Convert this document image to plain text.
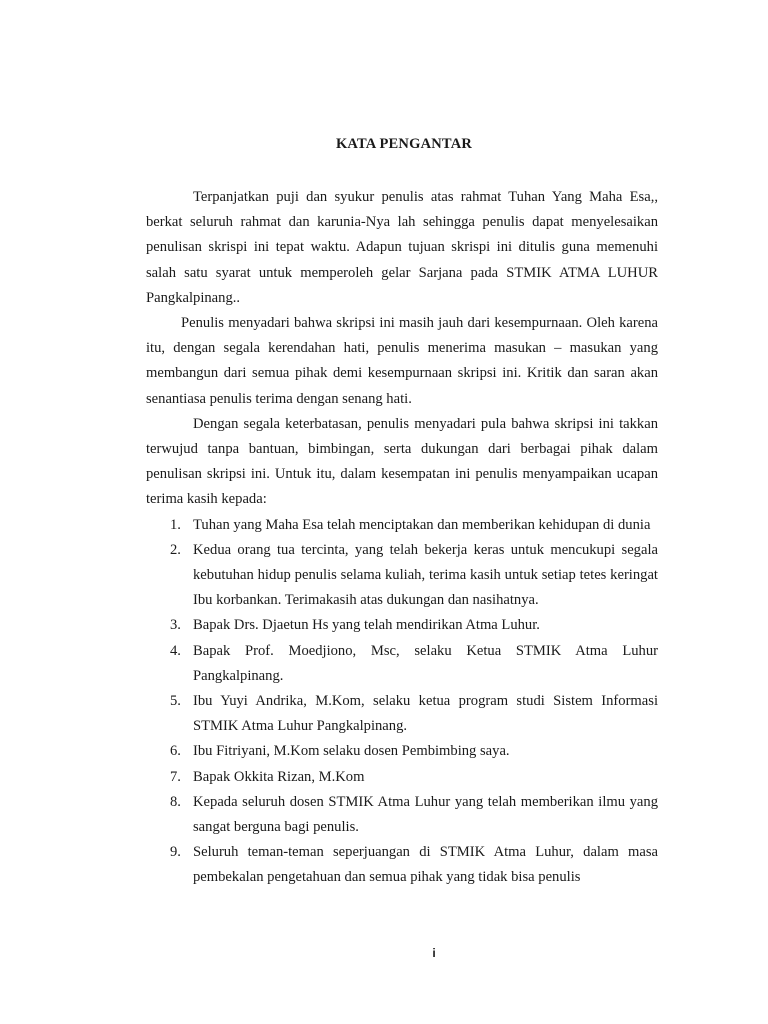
KATA PENGANTAR

Terpanjatkan puji dan syukur penulis atas rahmat Tuhan Yang Maha Esa,, berkat seluruh rahmat dan karunia-Nya lah sehingga penulis dapat menyelesaikan penulisan skrispi ini tepat waktu. Adapun tujuan skrispi ini ditulis guna memenuhi salah satu syarat untuk memperoleh gelar Sarjana pada STMIK ATMA LUHUR Pangkalpinang..

Penulis menyadari bahwa skripsi ini masih jauh dari kesempurnaan. Oleh karena itu, dengan segala kerendahan hati, penulis menerima masukan – masukan yang membangun dari semua pihak demi kesempurnaan skripsi ini. Kritik dan saran akan senantiasa penulis terima dengan senang hati.

Dengan segala keterbatasan, penulis menyadari pula bahwa skripsi ini takkan terwujud tanpa bantuan, bimbingan, serta dukungan dari berbagai pihak dalam penulisan skripsi ini. Untuk itu, dalam kesempatan ini penulis menyampaikan ucapan terima kasih kepada:

1. Tuhan yang Maha Esa telah menciptakan dan memberikan kehidupan di dunia
2. Kedua orang tua tercinta, yang telah bekerja keras untuk mencukupi segala kebutuhan hidup penulis selama kuliah, terima kasih untuk setiap tetes keringat Ibu korbankan. Terimakasih atas dukungan dan nasihatnya.
3. Bapak Drs. Djaetun Hs yang telah mendirikan Atma Luhur.
4. Bapak Prof. Moedjiono, Msc, selaku Ketua STMIK Atma Luhur Pangkalpinang.
5. Ibu Yuyi Andrika, M.Kom, selaku ketua program studi Sistem Informasi STMIK Atma Luhur Pangkalpinang.
6. Ibu Fitriyani, M.Kom selaku dosen Pembimbing saya.
7. Bapak Okkita Rizan, M.Kom
8. Kepada seluruh dosen STMIK Atma Luhur yang telah memberikan ilmu yang sangat berguna bagi penulis.
9. Seluruh teman-teman seperjuangan di STMIK Atma Luhur, dalam masa pembekalan pengetahuan dan semua pihak yang tidak bisa penulis
i
